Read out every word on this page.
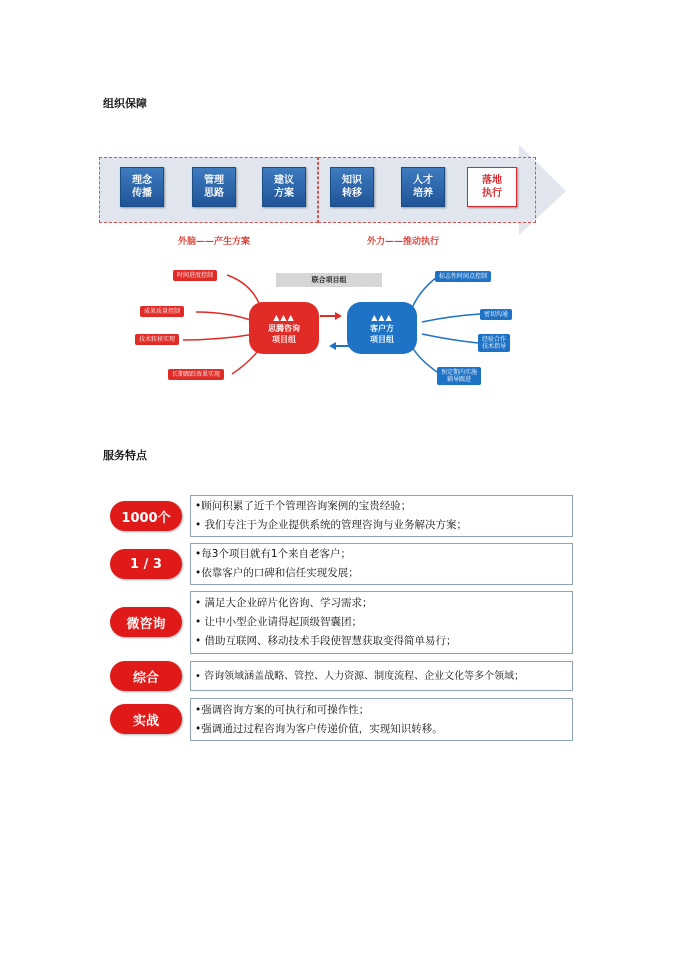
组织保障
理念
传播
管理
思路
建议
方案
知识
转移
人才
培养
落地
执行
外脑——产生方案	外力——推动执行
联合项目组
时间进度控制
成果质量控制
技术转移实现
长期跟踪效果实现
▲▲▲
思腾咨询
项目组
▲▲▲
客户方
项目组
标志性时间点控制
密切沟通
经验合作
技术指导
预定期内实施
辅导跟进
服务特点
1000个
•顾问积累了近千个管理咨询案例的宝贵经验；
• 我们专注于为企业提供系统的管理咨询与业务解决方案；
1 / 3
•每3个项目就有1个来自老客户；
•依靠客户的口碑和信任实现发展；
微咨询
• 满足大企业碎片化咨询、学习需求；
• 让中小型企业请得起顶级智囊团；
• 借助互联网、移动技术手段使智慧获取变得简单易行；
综合	• 咨询领域涵盖战略、管控、人力资源、制度流程、企业文化等多个领域；
实战
•强调咨询方案的可执行和可操作性；
•强调通过过程咨询为客户传递价值，实现知识转移。
